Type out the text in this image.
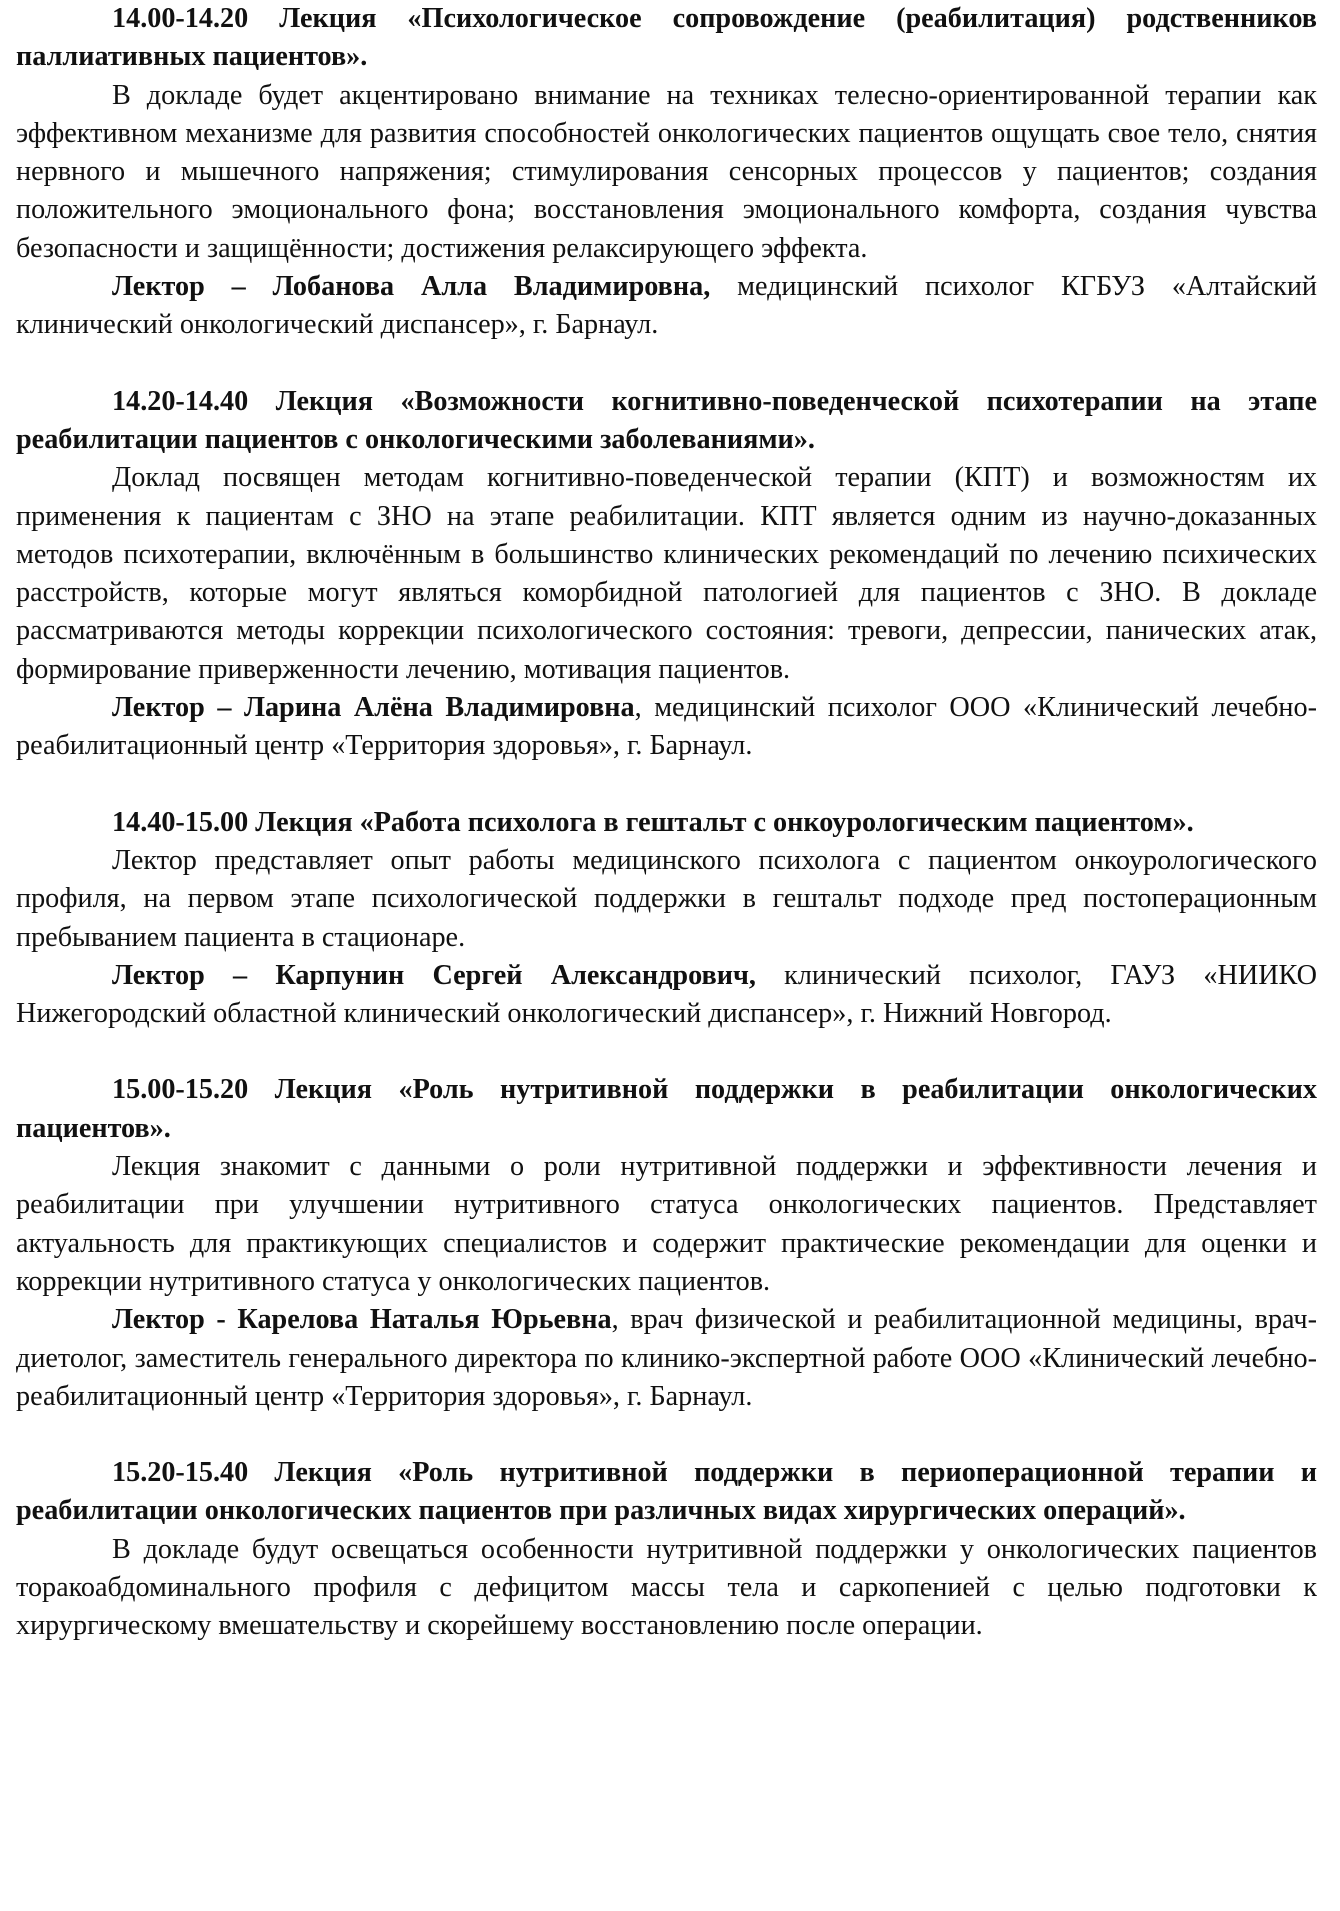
14.00-14.20 Лекция «Психологическое сопровождение (реабилитация) родственников паллиативных пациентов».

В докладе будет акцентировано внимание на техниках телесно-ориентированной терапии как эффективном механизме для развития способностей онкологических пациентов ощущать свое тело, снятия нервного и мышечного напряжения; стимулирования сенсорных процессов у пациентов; создания положительного эмоционального фона; восстановления эмоционального комфорта, создания чувства безопасности и защищённости; достижения релаксирующего эффекта.

Лектор – Лобанова Алла Владимировна, медицинский психолог КГБУЗ «Алтайский клинический онкологический диспансер», г. Барнаул.

14.20-14.40 Лекция «Возможности когнитивно-поведенческой психотерапии на этапе реабилитации пациентов с онкологическими заболеваниями».

Доклад посвящен методам когнитивно-поведенческой терапии (КПТ) и возможностям их применения к пациентам с ЗНО на этапе реабилитации. КПТ является одним из научно-доказанных методов психотерапии, включённым в большинство клинических рекомендаций по лечению психических расстройств, которые могут являться коморбидной патологией для пациентов с ЗНО. В докладе рассматриваются методы коррекции психологического состояния: тревоги, депрессии, панических атак, формирование приверженности лечению, мотивация пациентов.

Лектор – Ларина Алёна Владимировна, медицинский психолог ООО «Клинический лечебно-реабилитационный центр «Территория здоровья», г. Барнаул.

14.40-15.00 Лекция «Работа психолога в гештальт с онкоурологическим пациентом».

Лектор представляет опыт работы медицинского психолога с пациентом онкоурологического профиля, на первом этапе психологической поддержки в гештальт подходе пред постоперационным пребыванием пациента в стационаре.

Лектор – Карпунин Сергей Александрович, клинический психолог, ГАУЗ «НИИКО Нижегородский областной клинический онкологический диспансер», г. Нижний Новгород.

15.00-15.20 Лекция «Роль нутритивной поддержки в реабилитации онкологических пациентов».

Лекция знакомит с данными о роли нутритивной поддержки и эффективности лечения и реабилитации при улучшении нутритивного статуса онкологических пациентов. Представляет актуальность для практикующих специалистов и содержит практические рекомендации для оценки и коррекции нутритивного статуса у онкологических пациентов.

Лектор - Карелова Наталья Юрьевна, врач физической и реабилитационной медицины, врач-диетолог, заместитель генерального директора по клинико-экспертной работе ООО «Клинический лечебно-реабилитационный центр «Территория здоровья», г. Барнаул.

15.20-15.40 Лекция «Роль нутритивной поддержки в периоперационной терапии и реабилитации онкологических пациентов при различных видах хирургических операций».

В докладе будут освещаться особенности нутритивной поддержки у онкологических пациентов торакоабдоминального профиля с дефицитом массы тела и саркопенией с целью подготовки к хирургическому вмешательству и скорейшему восстановлению после операции.
